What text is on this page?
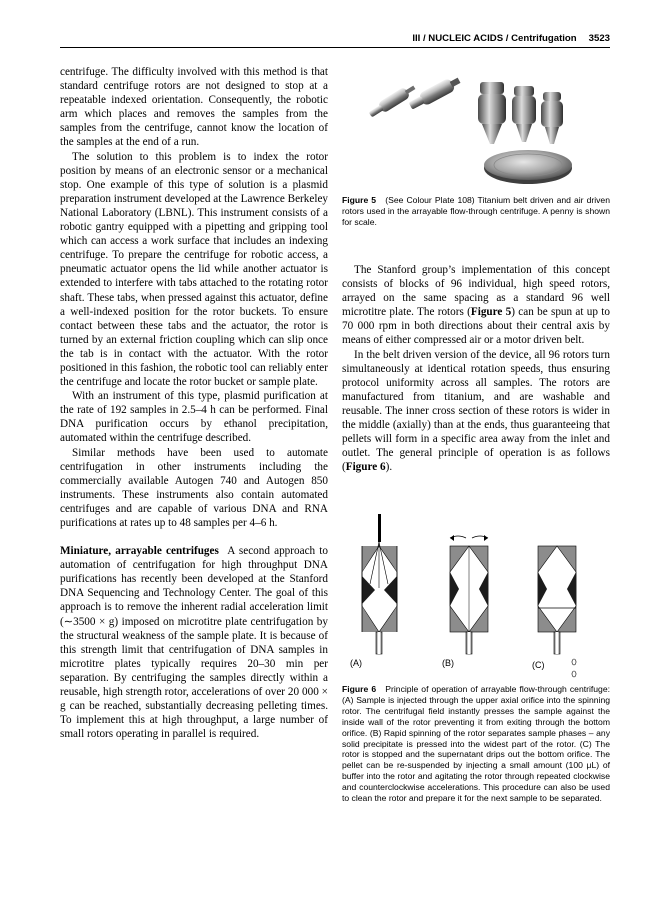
III / NUCLEIC ACIDS / Centrifugation 3523

centrifuge. The difficulty involved with this method is that standard centrifuge rotors are not designed to stop at a repeatable indexed orientation. Consequently, the robotic arm which places and removes the samples from the samples from the centrifuge, cannot know the location of the samples at the end of a run.

The solution to this problem is to index the rotor position by means of an electronic sensor or a mechanical stop. One example of this type of solution is a plasmid preparation instrument developed at the Lawrence Berkeley National Laboratory (LBNL). This instrument consists of a robotic gantry equipped with a pipetting and gripping tool which can access a work surface that includes an indexing centrifuge. To prepare the centrifuge for robotic access, a pneumatic actuator opens the lid while another actuator is extended to interfere with tabs attached to the rotating rotor shaft. These tabs, when pressed against this actuator, define a well-indexed position for the rotor buckets. To ensure contact between these tabs and the actuator, the rotor is turned by an external friction coupling which can slip once the tab is in contact with the actuator. With the rotor positioned in this fashion, the robotic tool can reliably enter the centrifuge and locate the rotor bucket or sample plate.

With an instrument of this type, plasmid purification at the rate of 192 samples in 2.5–4 h can be performed. Final DNA purification occurs by ethanol precipitation, automated within the centrifuge described.

Similar methods have been used to automate centrifugation in other instruments including the commercially available Autogen 740 and Autogen 850 instruments. These instruments also contain automated centrifuges and are capable of various DNA and RNA purifications at rates up to 48 samples per 4–6 h.

Miniature, arrayable centrifuges A second approach to automation of centrifugation for high throughput DNA purifications has recently been developed at the Stanford DNA Sequencing and Technology Center. The goal of this approach is to remove the inherent radial acceleration limit (∼3500 × g) imposed on microtitre plate centrifugation by the structural weakness of the sample plate. It is because of this strength limit that centrifugation of DNA samples in microtitre plates typically requires 20–30 min per separation. By centrifuging the samples directly within a reusable, high strength rotor, accelerations of over 20 000 × g can be reached, substantially decreasing pelleting times. To implement this at high throughput, a large number of small rotors operating in parallel is required.

Figure 5 (See Colour Plate 108) Titanium belt driven and air driven rotors used in the arrayable flow-through centrifuge. A penny is shown for scale.

The Stanford group’s implementation of this concept consists of blocks of 96 individual, high speed rotors, arrayed on the same spacing as a standard 96 well microtitre plate. The rotors (Figure 5) can be spun at up to 70 000 rpm in both directions about their central axis by means of either compressed air or a motor driven belt.

In the belt driven version of the device, all 96 rotors turn simultaneously at identical rotation speeds, thus ensuring protocol uniformity across all samples. The rotors are manufactured from titanium, and are washable and reusable. The inner cross section of these rotors is wider in the middle (axially) than at the ends, thus guaranteeing that pellets will form in a specific area away from the inlet and outlet. The general principle of operation is as follows (Figure 6).

(A)	(B)	(C)
Figure 6 Principle of operation of arrayable flow-through centrifuge: (A) Sample is injected through the upper axial orifice into the spinning rotor. The centrifugal field instantly presses the sample against the inside wall of the rotor preventing it from exiting through the bottom orifice. (B) Rapid spinning of the rotor separates sample phases – any solid precipitate is pressed into the widest part of the rotor. (C) The rotor is stopped and the supernatant drips out the bottom orifice. The pellet can be re-suspended by injecting a small amount (100 μL) of buffer into the rotor and agitating the rotor through repeated clockwise and counterclockwise accelerations. This procedure can also be used to clean the rotor and prepare it for the next sample to be separated.
